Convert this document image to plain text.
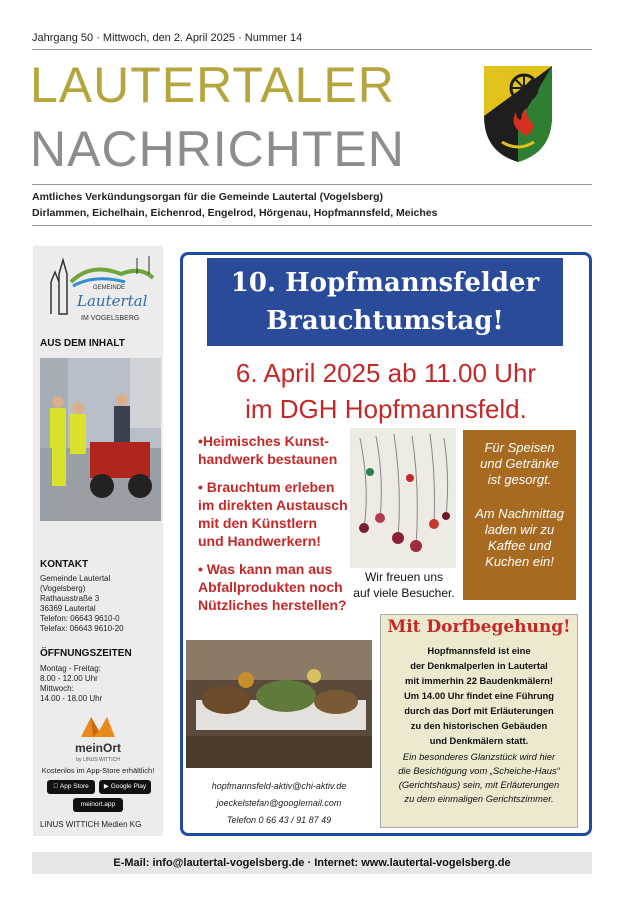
Jahrgang 50 · Mittwoch, den 2. April 2025 · Nummer 14
LAUTERTALER
NACHRICHTEN
Amtliches Verkündungsorgan für die Gemeinde Lautertal (Vogelsberg)
Dirlammen, Eichelhain, Eichenrod, Engelrod, Hörgenau, Hopfmannsfeld, Meiches
GEMEINDE
Lautertal
IM VOGELSBERG
AUS DEM INHALT
KONTAKT
Gemeinde Lautertal
(Vogelsberg)
Rathausstraße 3
36369 Lautertal
Telefon: 06643 9610-0
Telefax: 06643 9610-20
ÖFFNUNGSZEITEN
Montag - Freitag:
8.00 - 12.00 Uhr
Mittwoch:
14.00 - 18.00 Uhr
meinOrt
by LINUS WITTICH
Kostenlos im App-Store erhältlich!
App Store	▶ Google Play
meinort.app
LINUS WITTICH Medien KG
10. Hopfmannsfelder
Brauchtumstag!
6. April 2025 ab 11.00 Uhr
im DGH Hopfmannsfeld.
•Heimisches Kunst-
handwerk bestaunen
• Brauchtum erleben
im direkten Austausch
mit den Künstlern
und Handwerkern!
• Was kann man aus
Abfallprodukten noch
Nützliches herstellen?
Wir freuen uns
auf viele Besucher.
Für Speisen
und Getränke
ist gesorgt.
Am Nachmittag
laden wir zu
Kaffee und
Kuchen ein!
hopfmannsfeld-aktiv@chi-aktiv.de
joeckelstefan@googlemail.com
Telefon 0 66 43 / 91 87 49
Mit Dorfbegehung!
Hopfmannsfeld ist eine
der Denkmalperlen in Lautertal
mit immerhin 22 Baudenkmälern!
Um 14.00 Uhr findet eine Führung
durch das Dorf mit Erläuterungen
zu den historischen Gebäuden
und Denkmälern statt.
Ein besonderes Glanzstück wird hier
die Besichtigung vom „Scheiche-Haus“
(Gerichtshaus) sein, mit Erläuterungen
zu dem einmaligen Gerichtszimmer.
E-Mail: info@lautertal-vogelsberg.de · Internet: www.lautertal-vogelsberg.de
